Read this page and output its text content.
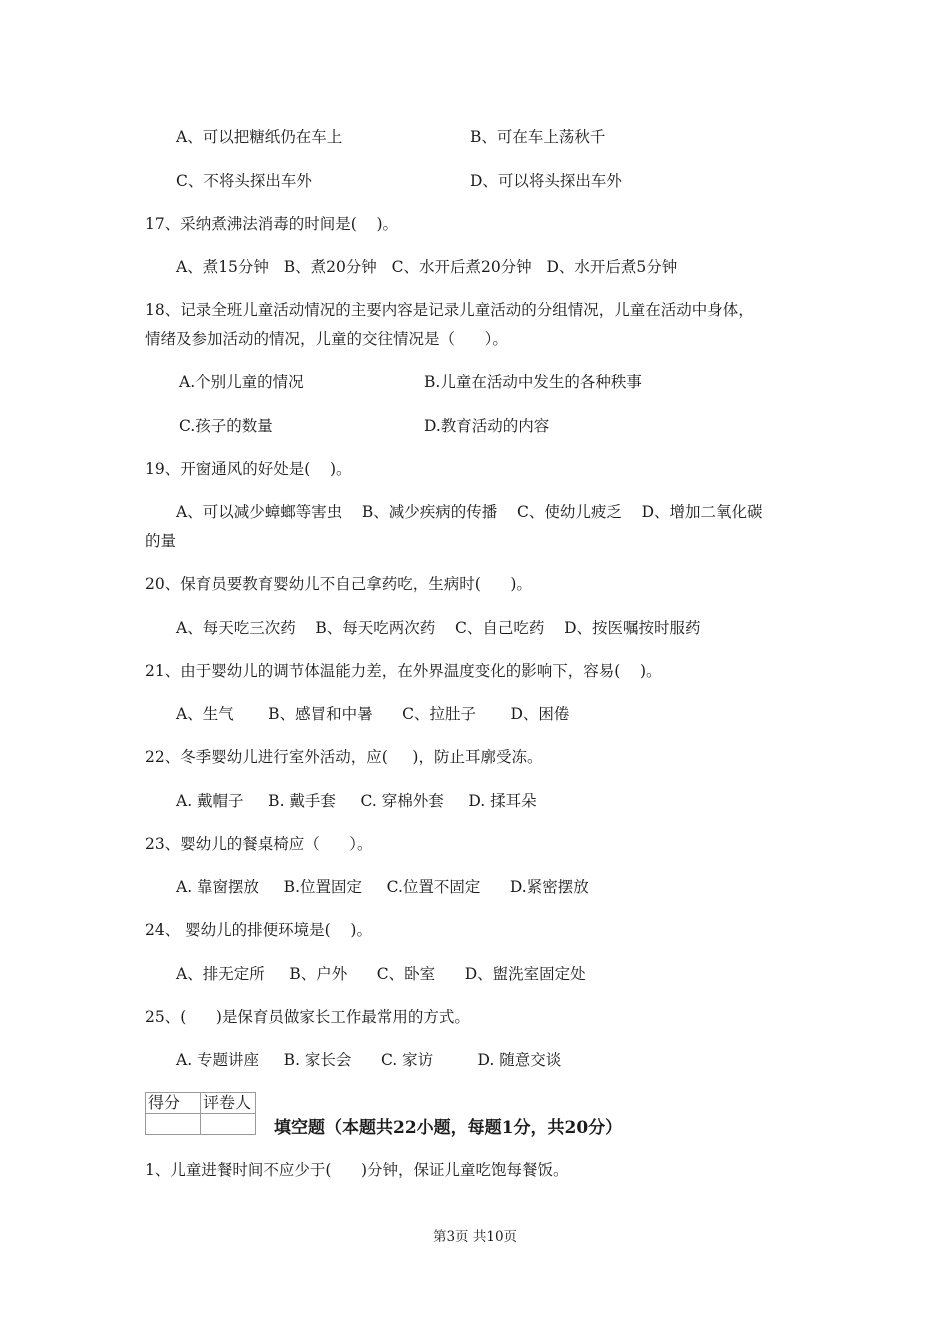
A、可以把糖纸仍在车上	B、可在车上荡秋千
C、不将头探出车外	D、可以将头探出车外
17、采纳煮沸法消毒的时间是(    )。
A、煮15分钟   B、煮20分钟   C、水开后煮20分钟   D、水开后煮5分钟
18、记录全班儿童活动情况的主要内容是记录儿童活动的分组情况，儿童在活动中身体，
情绪及参加活动的情况，儿童的交往情况是（      ）。
A.个别儿童的情况	B.儿童在活动中发生的各种秩事
C.孩子的数量	D.教育活动的内容
19、开窗通风的好处是(    )。
A、可以减少蟑螂等害虫    B、减少疾病的传播    C、使幼儿疲乏    D、增加二氧化碳
的量
20、保育员要教育婴幼儿不自己拿药吃，生病时(      )。
A、每天吃三次药    B、每天吃两次药    C、自己吃药    D、按医嘱按时服药
21、由于婴幼儿的调节体温能力差，在外界温度变化的影响下，容易(    )。
A、生气       B、感冒和中暑      C、拉肚子       D、困倦
22、冬季婴幼儿进行室外活动，应(     )，防止耳廓受冻。
A. 戴帽子     B. 戴手套     C. 穿棉外套     D. 揉耳朵
23、婴幼儿的餐桌椅应（      ）。
A. 靠窗摆放     B.位置固定     C.位置不固定      D.紧密摆放
24、 婴幼儿的排便环境是(    )。
A、排无定所     B、户外      C、卧室      D、盥洗室固定处
25、(      )是保育员做家长工作最常用的方式。
A. 专题讲座     B. 家长会      C. 家访         D. 随意交谈
得分	评卷人

填空题（本题共22小题，每题1分，共20分）
1、儿童进餐时间不应少于(      )分钟，保证儿童吃饱每餐饭。
第3页 共10页
